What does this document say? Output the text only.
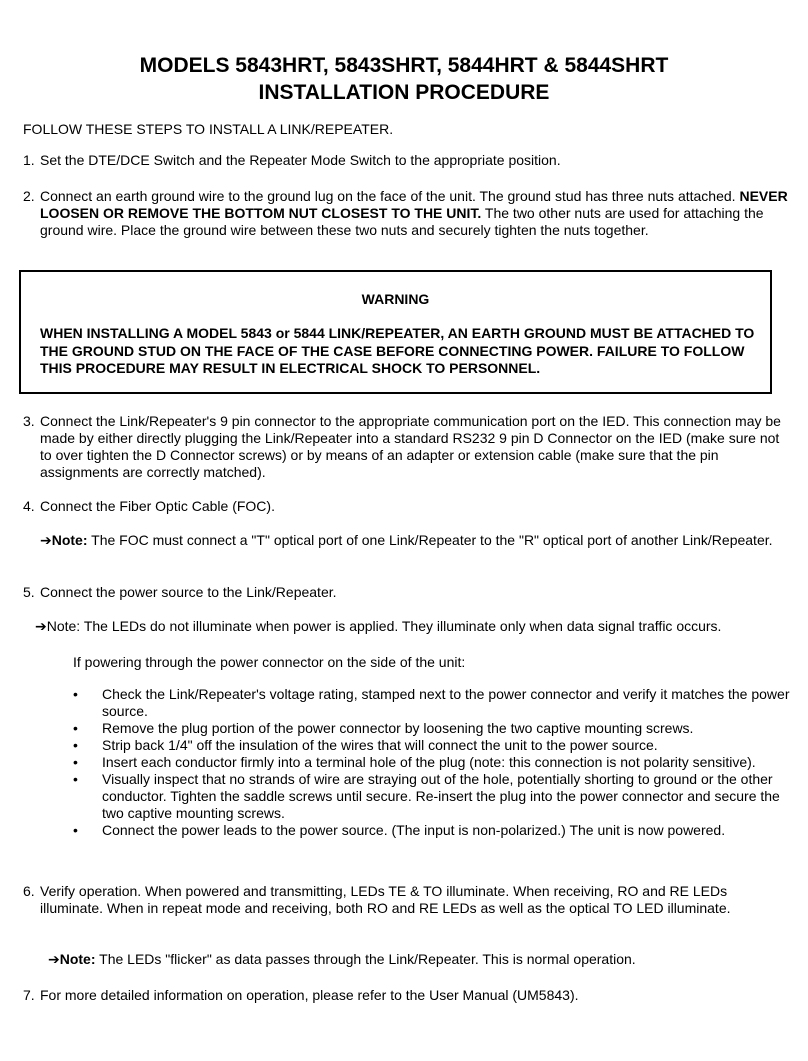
MODELS 5843HRT, 5843SHRT, 5844HRT & 5844SHRT
INSTALLATION PROCEDURE
FOLLOW THESE STEPS TO INSTALL A LINK/REPEATER.
1. Set the DTE/DCE Switch and the Repeater Mode Switch to the appropriate position.
2. Connect an earth ground wire to the ground lug on the face of the unit. The ground stud has three nuts attached. NEVER LOOSEN OR REMOVE THE BOTTOM NUT CLOSEST TO THE UNIT. The two other nuts are used for attaching the ground wire. Place the ground wire between these two nuts and securely tighten the nuts together.
WARNING
WHEN INSTALLING A MODEL 5843 or 5844 LINK/REPEATER, AN EARTH GROUND MUST BE ATTACHED TO THE GROUND STUD ON THE FACE OF THE CASE BEFORE CONNECTING POWER. FAILURE TO FOLLOW THIS PROCEDURE MAY RESULT IN ELECTRICAL SHOCK TO PERSONNEL.
3. Connect the Link/Repeater's 9 pin connector to the appropriate communication port on the IED. This connection may be made by either directly plugging the Link/Repeater into a standard RS232 9 pin D Connector on the IED (make sure not to over tighten the D Connector screws) or by means of an adapter or extension cable (make sure that the pin assignments are correctly matched).
4. Connect the Fiber Optic Cable (FOC).
➔Note: The FOC must connect a "T" optical port of one Link/Repeater to the "R" optical port of another Link/Repeater.
5. Connect the power source to the Link/Repeater.
➔Note: The LEDs do not illuminate when power is applied. They illuminate only when data signal traffic occurs.
If powering through the power connector on the side of the unit:
• Check the Link/Repeater's voltage rating, stamped next to the power connector and verify it matches the power source.
• Remove the plug portion of the power connector by loosening the two captive mounting screws.
• Strip back 1/4" off the insulation of the wires that will connect the unit to the power source.
• Insert each conductor firmly into a terminal hole of the plug (note: this connection is not polarity sensitive).
• Visually inspect that no strands of wire are straying out of the hole, potentially shorting to ground or the other conductor. Tighten the saddle screws until secure. Re-insert the plug into the power connector and secure the two captive mounting screws.
• Connect the power leads to the power source. (The input is non-polarized.) The unit is now powered.
6. Verify operation. When powered and transmitting, LEDs TE & TO illuminate. When receiving, RO and RE LEDs illuminate. When in repeat mode and receiving, both RO and RE LEDs as well as the optical TO LED illuminate.
➔Note: The LEDs "flicker" as data passes through the Link/Repeater. This is normal operation.
7. For more detailed information on operation, please refer to the User Manual (UM5843).
